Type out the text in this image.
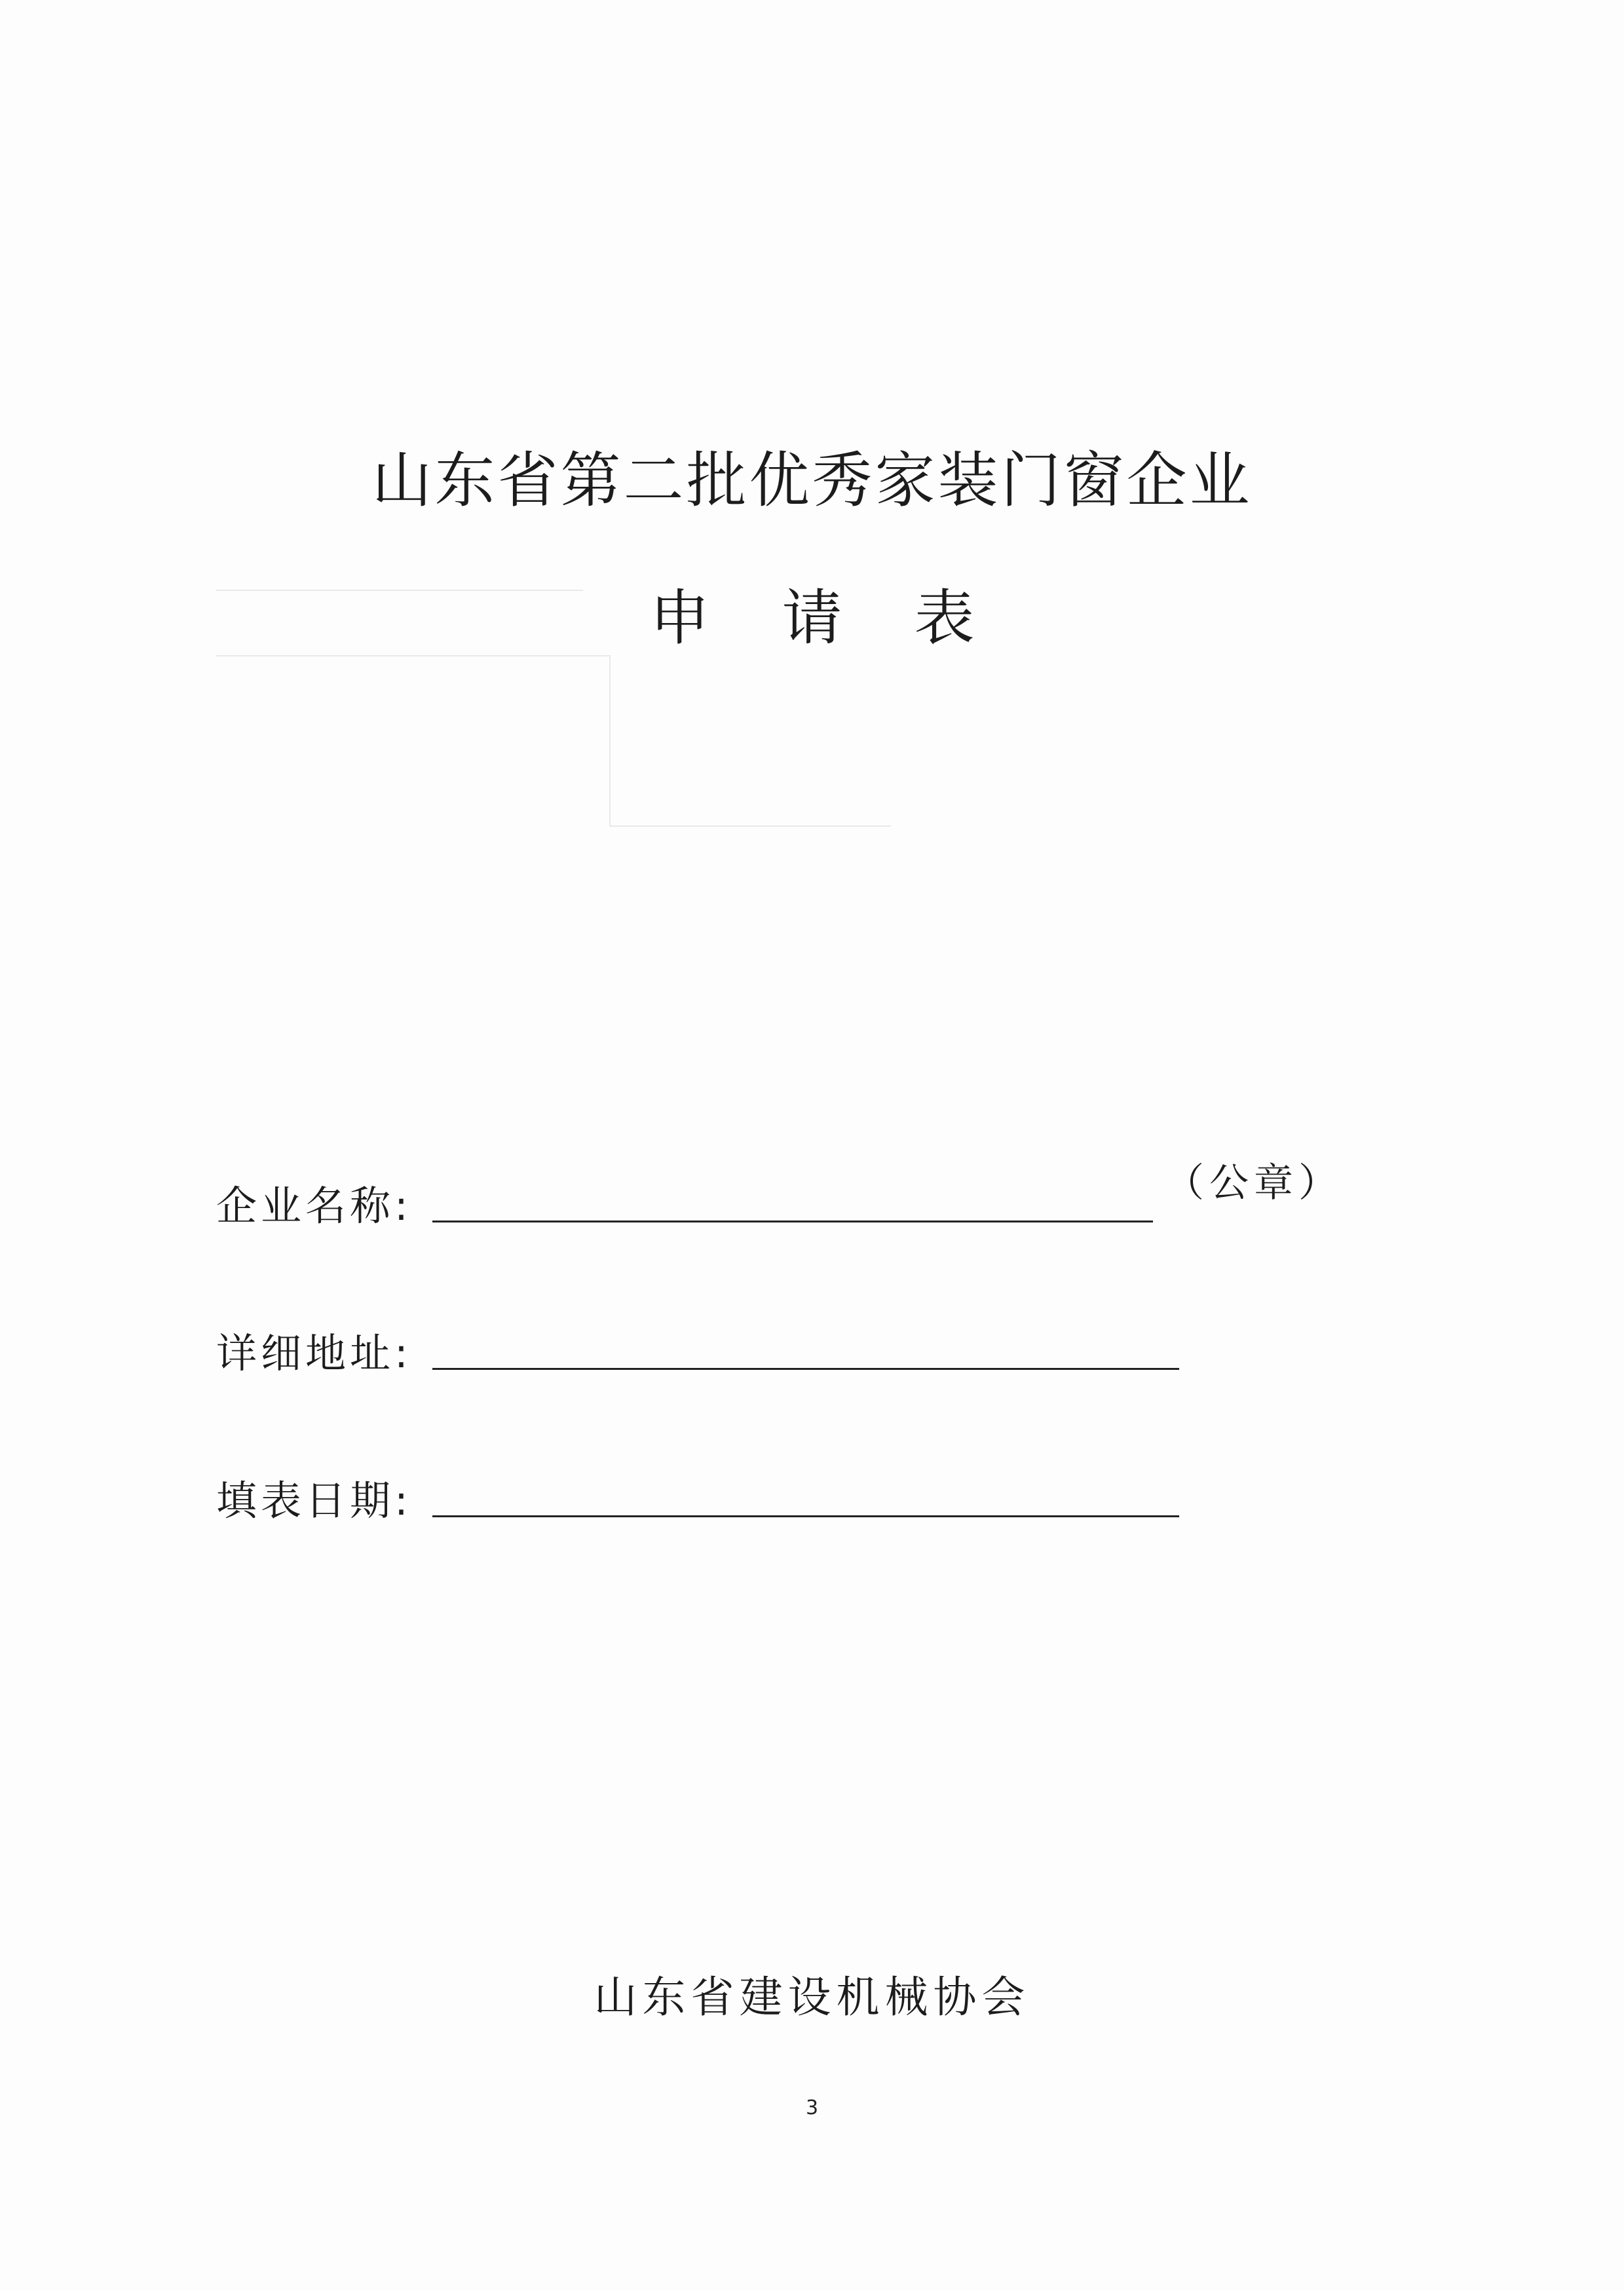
山东省第二批优秀家装门窗企业
申请表
企业名称:	（公章）
详细地址:
填表日期:
山东省建设机械协会
3
